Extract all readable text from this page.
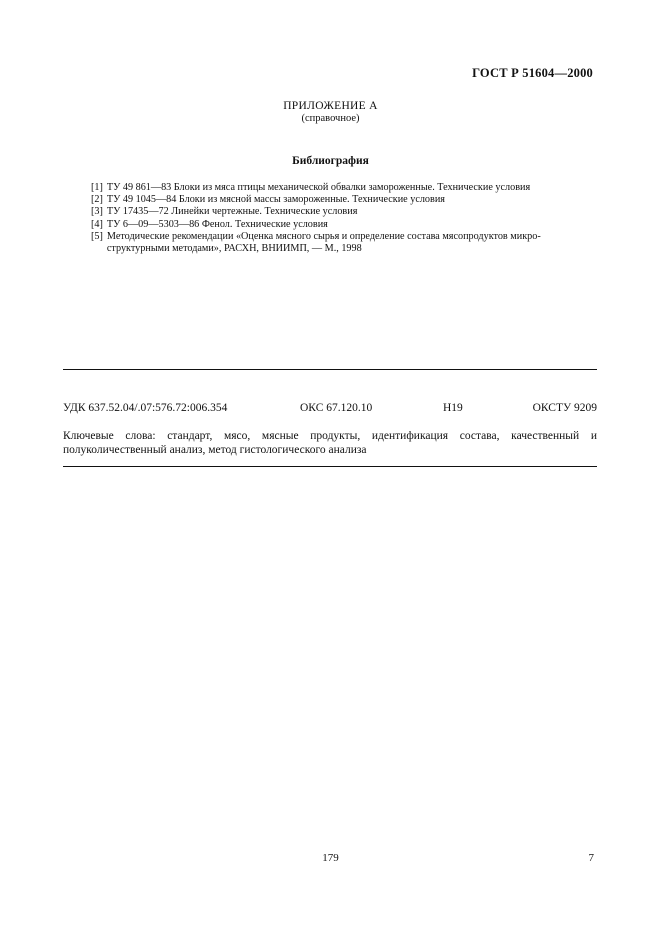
ГОСТ Р 51604—2000
ПРИЛОЖЕНИЕ А
(справочное)
Библиография
[1] ТУ 49 861—83 Блоки из мяса птицы механической обвалки замороженные. Технические условия
[2] ТУ 49 1045—84 Блоки из мясной массы замороженные. Технические условия
[3] ТУ 17435—72 Линейки чертежные. Технические условия
[4] ТУ 6—09—5303—86 Фенол. Технические условия
[5] Методические рекомендации «Оценка мясного сырья и определение состава мясопродуктов микро-структурными методами», РАСХН, ВНИИМП, — М., 1998
УДК 637.52.04/.07:576.72:006.354	ОКС 67.120.10	Н19	ОКСТУ 9209
Ключевые слова: стандарт, мясо, мясные продукты, идентификация состава, качественный и
полуколичественный анализ, метод гистологического анализа
179	7
